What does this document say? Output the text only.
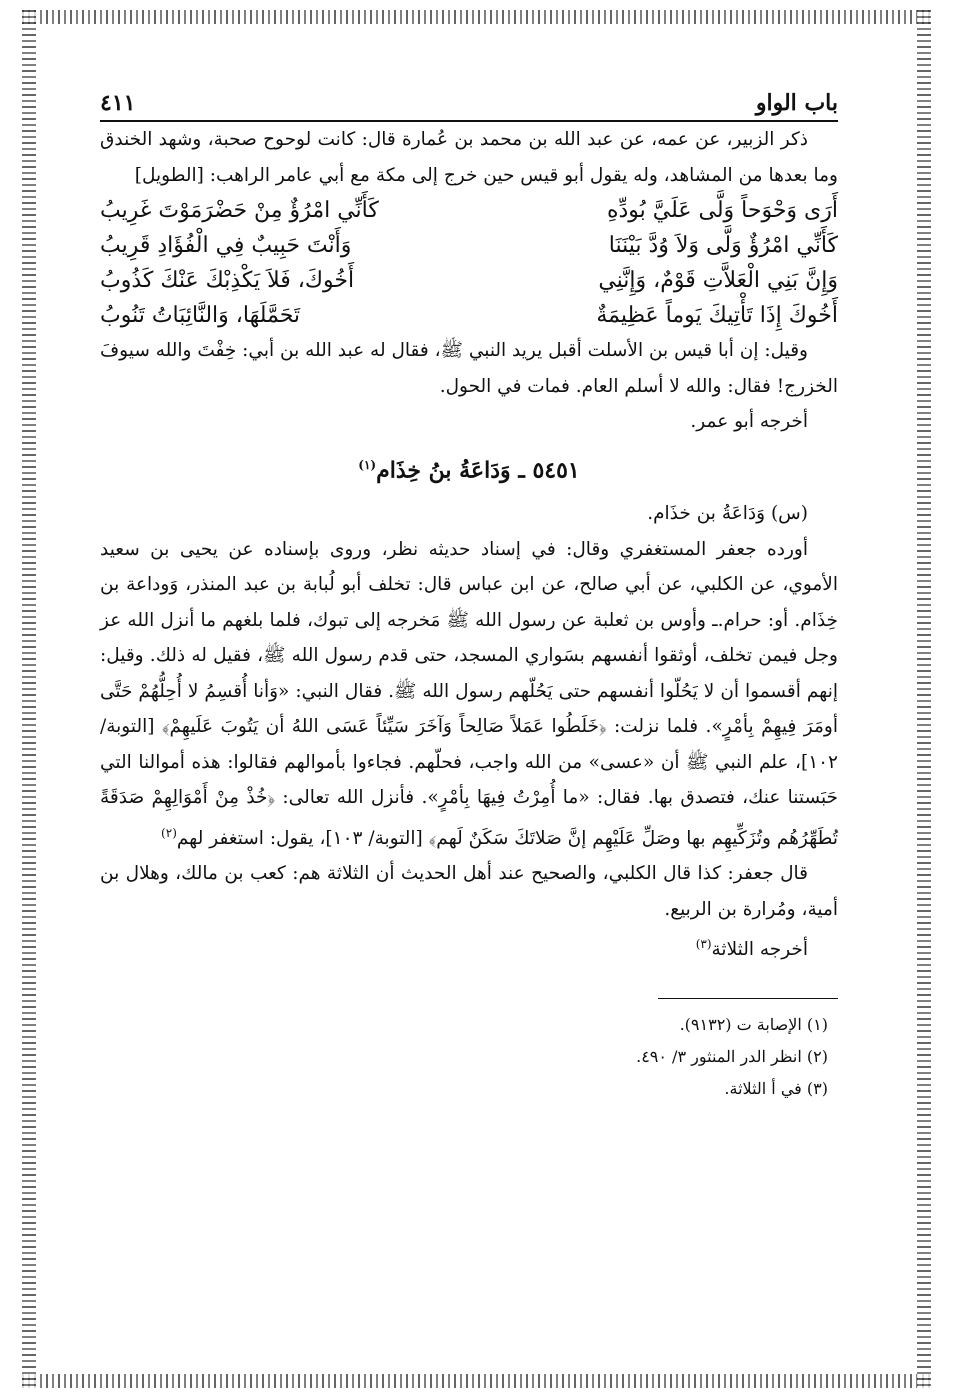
باب الواو
٤١١

ذكر الزبير، عن عمه، عن عبد الله بن محمد بن عُمارة قال: كانت لوحوح صحبة، وشهد الخندق وما بعدها من المشاهد، وله يقول أبو قيس حين خرج إلى مكة مع أبي عامر الراهب: [الطويل]

أَرَى وَحْوَحاً وَلَّى عَلَيَّ بُودِّهِ
كَأَنِّي امْرُؤٌ مِنْ حَضْرَمَوْتَ غَرِيبُ
كَأَنِّي امْرُؤٌ وَلَّى وَلاَ وُدَّ بَيْنَنَا
وَأَنْتَ حَبِيبٌ فِي الْفُؤَادِ قَرِيبُ
وَإِنَّ بَنِي الْعَلاَّتِ قَوْمٌ، وَإِنَّنِي
أَخُوكَ، فَلاَ يَكْذِبْكَ عَنْكَ كَذُوبُ
أَخُوكَ إِذَا تَأْتِيكَ يَوماً عَظِيمَةٌ
تَحَمَّلَهَا، وَالنَّائِبَاتُ تَنُوبُ

وقيل: إن أبا قيس بن الأسلت أقبل يريد النبي ﷺ، فقال له عبد الله بن أبي: خِفْتَ والله سيوفَ الخزرج! فقال: والله لا أسلم العام. فمات في الحول.

أخرجه أبو عمر.

٥٤٥١ ـ وَدَاعَةُ بنُ خِذَام$^{(١)}$

(س) وَدَاعَةُ بن خذَام.

أورده جعفر المستغفري وقال: في إسناد حديثه نظر، وروى بإسناده عن يحيى بن سعيد الأموي، عن الكلبي، عن أبي صالح، عن ابن عباس قال: تخلف أبو لُبابة بن عبد المنذر، وَوداعة بن خِذَام. أو: حرام.ـ وأوس بن ثعلبة عن رسول الله ﷺ مَخرجه إلى تبوك، فلما بلغهم ما أنزل الله عز وجل فيمن تخلف، أوثقوا أنفسهم بسَواري المسجد، حتى قدم رسول الله ﷺ، فقيل له ذلك. وقيل: إنهم أقسموا أن لا يَحُلّوا أنفسهم حتى يَحُلّهم رسول الله ﷺ. فقال النبي: «وَأنا أُقسِمُ لا أُحِلُّهُمْ حَتَّى أومَرَ فِيهِمْ بِأمْرٍ». فلما نزلت: ﴿خَلَطُوا عَمَلاً صَالِحاً وَآخَرَ سَيِّئاً عَسَى اللهُ أن يَتُوبَ عَلَيهِمْ﴾ [التوبة/ ١٠٢]، علم النبي ﷺ أن «عسى» من الله واجب، فحلّهم. فجاءوا بأموالهم فقالوا: هذه أموالنا التي حَبَستنا عنك، فتصدق بها. فقال: «ما أُمِرْتُ فِيهَا بِأمْرٍ». فأنزل الله تعالى: ﴿خُذْ مِنْ أَمْوَالِهِمْ صَدَقَةً تُطَهِّرُهُم وتُزَكِّيهِم بها وصَلِّ عَلَيْهِم إنَّ صَلاتَكَ سَكَنٌ لَهم﴾ [التوبة/ ١٠٣]، يقول: استغفر لهم$^{(٢)}$

قال جعفر: كذا قال الكلبي، والصحيح عند أهل الحديث أن الثلاثة هم: كعب بن مالك، وهلال بن أمية، ومُرارة بن الربيع.

أخرجه الثلاثة$^{(٣)}$

(١) الإصابة ت (٩١٣٢).

(٢) انظر الدر المنثور ٣/ ٤٩٠.

(٣) في أ الثلاثة.
